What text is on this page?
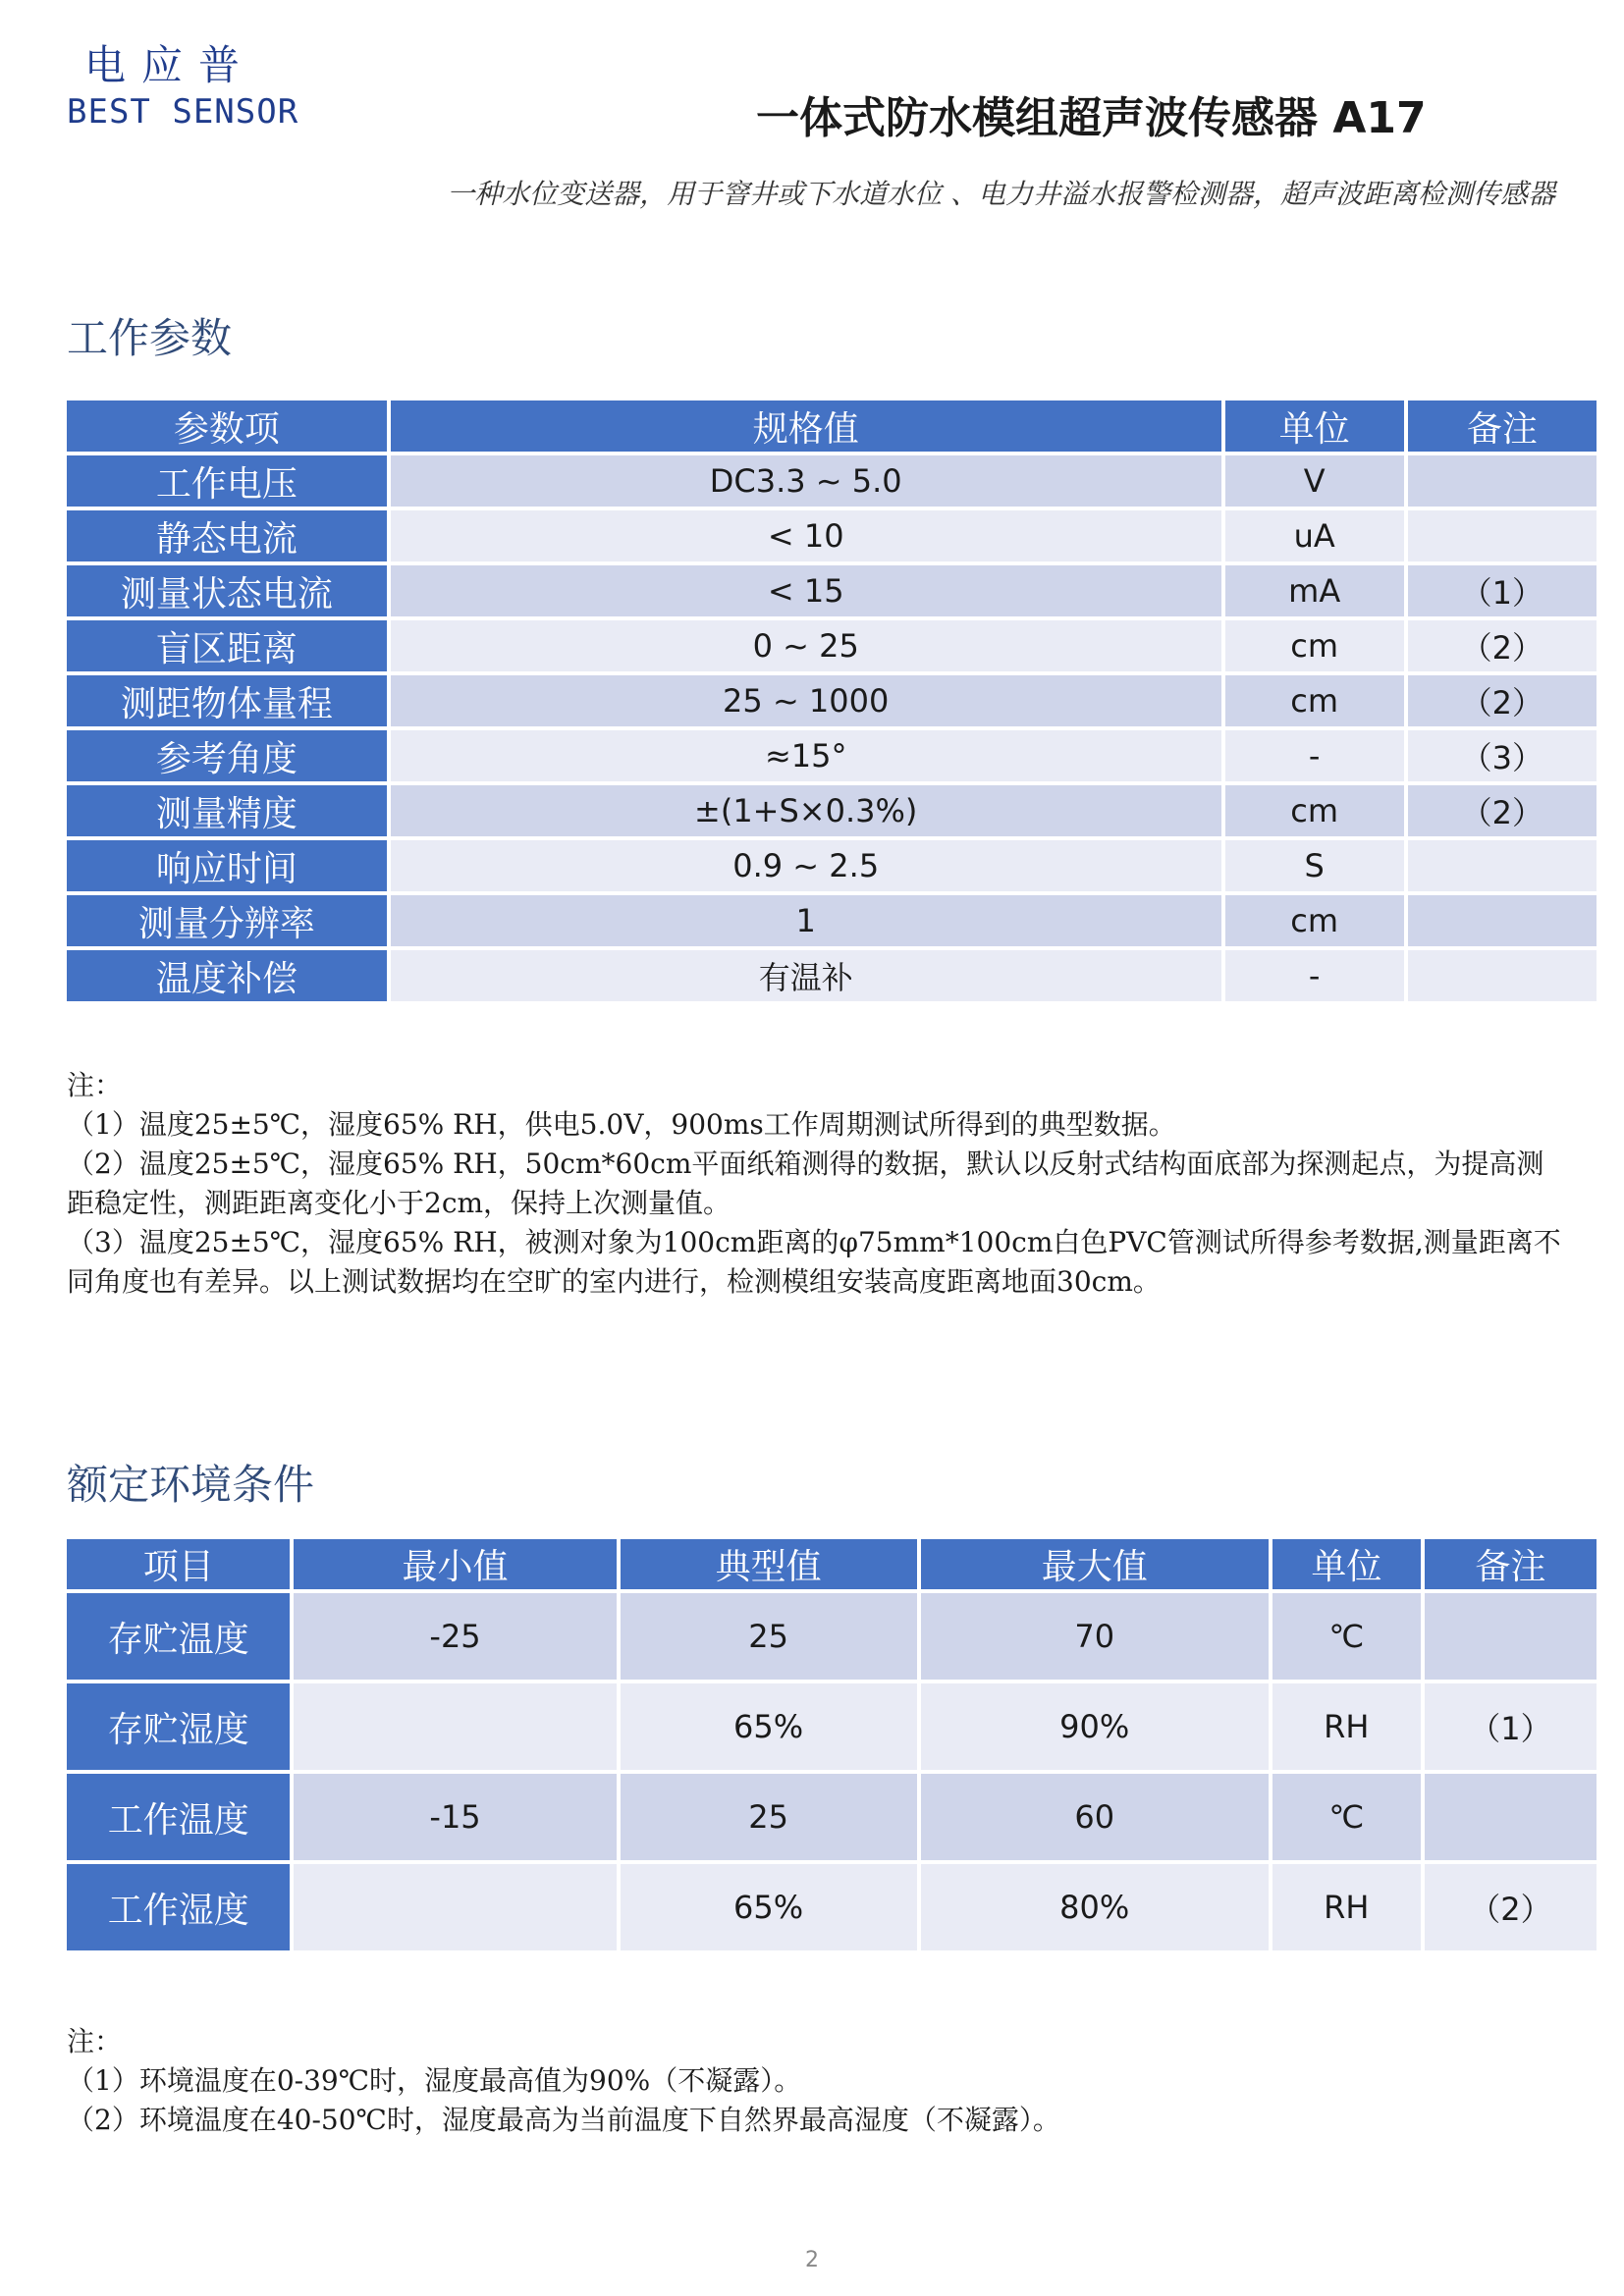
电应普
BEST SENSOR	一体式防水模组超声波传感器 A17
一种水位变送器，用于窨井或下水道水位 、电力井溢水报警检测器，超声波距离检测传感器
工作参数
参数项	规格值	单位	备注
工作电压	DC3.3 ~ 5.0	V	
静态电流	< 10	uA	
测量状态电流	< 15	mA	（1）
盲区距离	0 ~ 25	cm	（2）
测距物体量程	25 ~ 1000	cm	（2）
参考角度	≈15°	-	（3）
测量精度	±(1+S×0.3%)	cm	（2）
响应时间	0.9 ~ 2.5	S	
测量分辨率	1	cm	
温度补偿	有温补	-	

注：

（1）温度25±5℃，湿度65% RH，供电5.0V，900ms工作周期测试所得到的典型数据。

（2）温度25±5℃，湿度65% RH，50cm*60cm平面纸箱测得的数据，默认以反射式结构面底部为探测起点，为提高测距稳定性，测距距离变化小于2cm，保持上次测量值。

（3）温度25±5℃，湿度65% RH，被测对象为100cm距离的φ75mm*100cm白色PVC管测试所得参考数据,测量距离不同角度也有差异。以上测试数据均在空旷的室内进行，检测模组安装高度距离地面30cm。

额定环境条件
项目	最小值	典型值	最大值	单位	备注
存贮温度	-25	25	70	℃	
存贮湿度		65%	90%	RH	（1）
工作温度	-15	25	60	℃	
工作湿度		65%	80%	RH	（2）

注：

（1）环境温度在0-39℃时，湿度最高值为90%（不凝露）。

（2）环境温度在40-50℃时，湿度最高为当前温度下自然界最高湿度（不凝露）。

2
